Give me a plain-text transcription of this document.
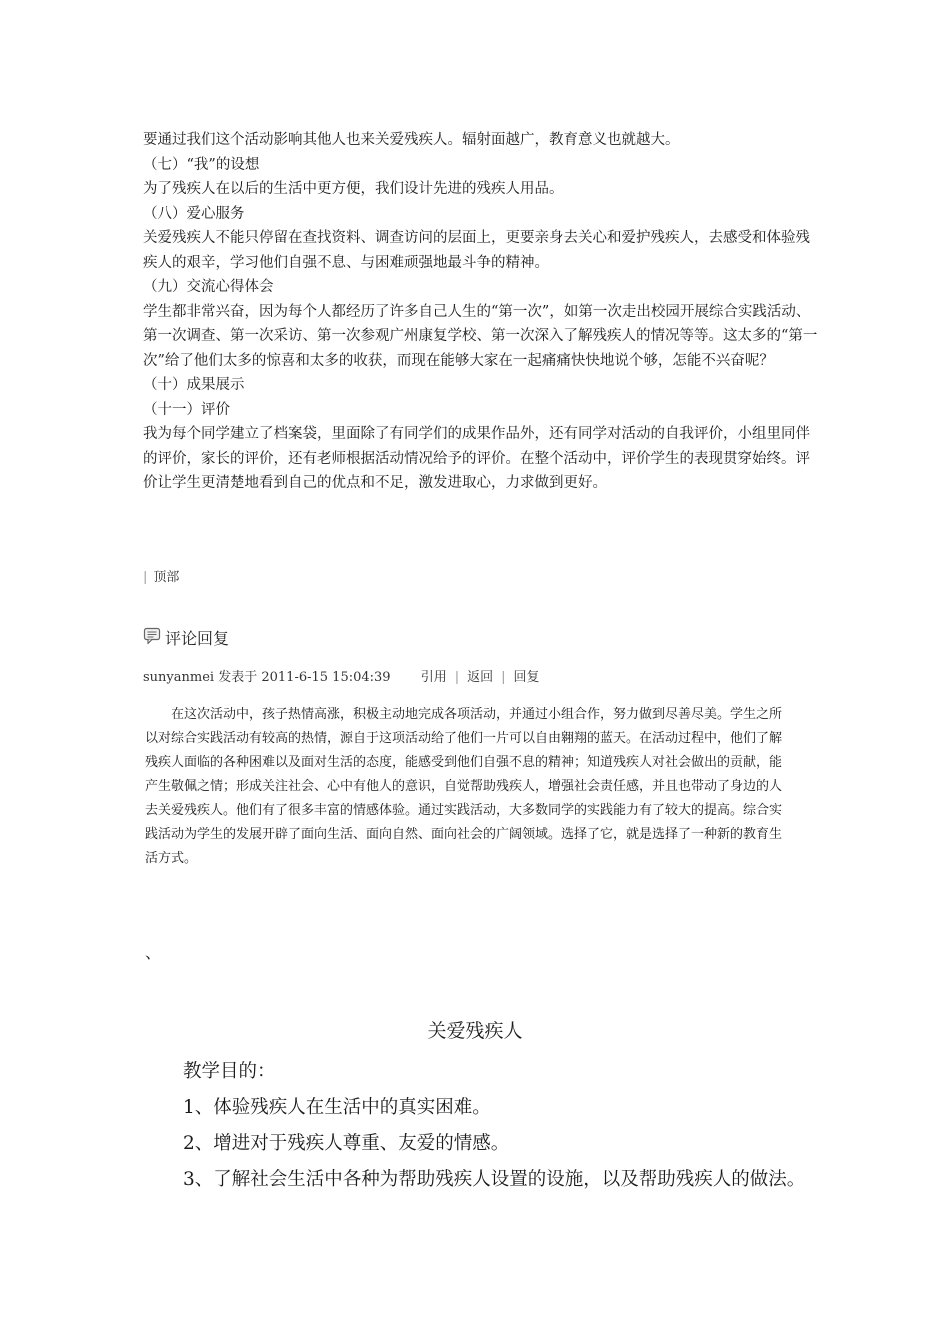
要通过我们这个活动影响其他人也来关爱残疾人。辐射面越广，教育意义也就越大。

（七）“我”的设想

为了残疾人在以后的生活中更方便，我们设计先进的残疾人用品。

（八）爱心服务

关爱残疾人不能只停留在查找资料、调查访问的层面上，更要亲身去关心和爱护残疾人，去感受和体验残疾人的艰辛，学习他们自强不息、与困难顽强地最斗争的精神。

（九）交流心得体会

学生都非常兴奋，因为每个人都经历了许多自己人生的“第一次”，如第一次走出校园开展综合实践活动、第一次调查、第一次采访、第一次参观广州康复学校、第一次深入了解残疾人的情况等等。这太多的“第一次”给了他们太多的惊喜和太多的收获，而现在能够大家在一起痛痛快快地说个够，怎能不兴奋呢？

（十）成果展示

（十一）评价

我为每个同学建立了档案袋，里面除了有同学们的成果作品外，还有同学对活动的自我评价，小组里同伴的评价，家长的评价，还有老师根据活动情况给予的评价。在整个活动中，评价学生的表现贯穿始终。评价让学生更清楚地看到自己的优点和不足，激发进取心，力求做到更好。

| 顶部
评论回复
sunyanmei 发表于 2011-6-15 15:04:39 引用 | 返回 | 回复

在这次活动中，孩子热情高涨，积极主动地完成各项活动，并通过小组合作，努力做到尽善尽美。学生之所以对综合实践活动有较高的热情，源自于这项活动给了他们一片可以自由翱翔的蓝天。在活动过程中，他们了解残疾人面临的各种困难以及面对生活的态度，能感受到他们自强不息的精神；知道残疾人对社会做出的贡献，能产生敬佩之情；形成关注社会、心中有他人的意识，自觉帮助残疾人，增强社会责任感，并且也带动了身边的人去关爱残疾人。他们有了很多丰富的情感体验。通过实践活动，大多数同学的实践能力有了较大的提高。综合实践活动为学生的发展开辟了面向生活、面向自然、面向社会的广阔领域。选择了它，就是选择了一种新的教育生活方式。

、
关爱残疾人

教学目的：

1、体验残疾人在生活中的真实困难。

2、增进对于残疾人尊重、友爱的情感。

3、了解社会生活中各种为帮助残疾人设置的设施，以及帮助残疾人的做法。
